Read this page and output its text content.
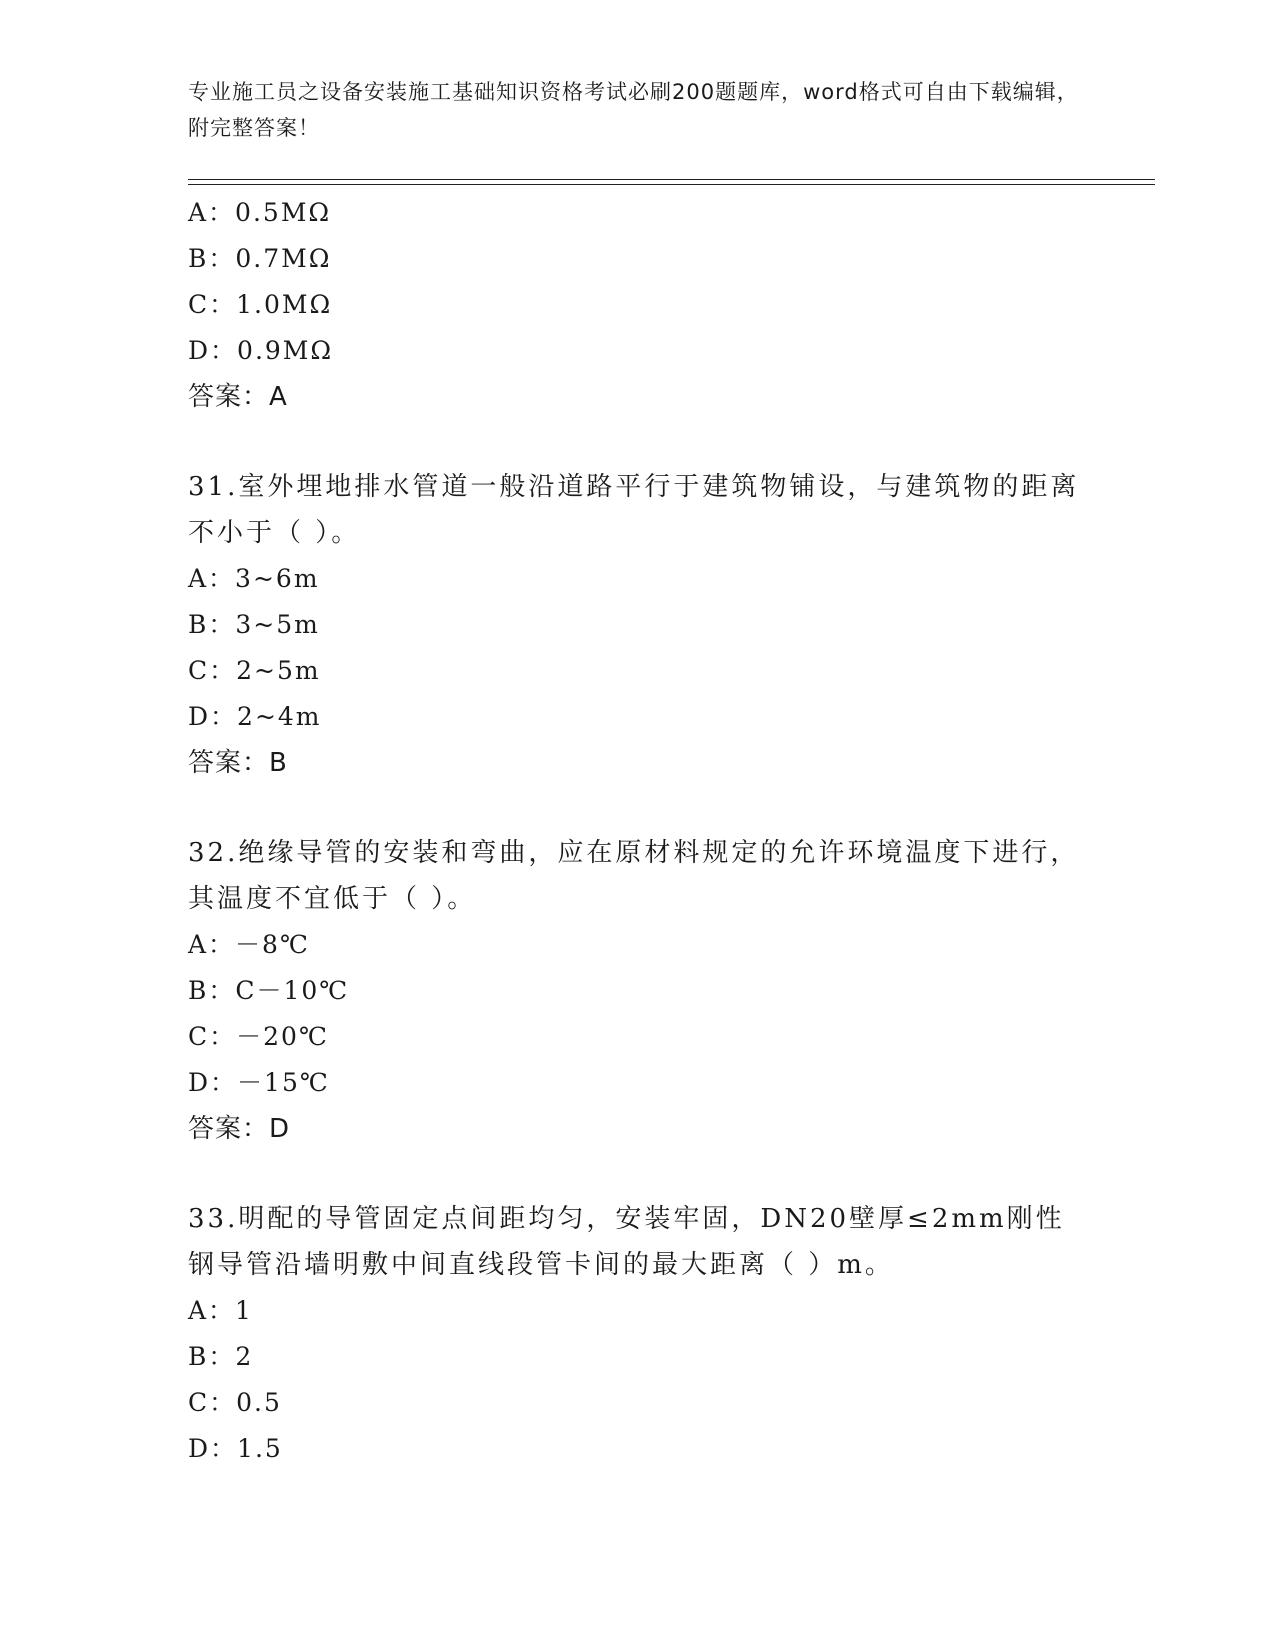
专业施工员之设备安装施工基础知识资格考试必刷200题题库，word格式可自由下载编辑，附完整答案！
A：0.5MΩ
B：0.7MΩ
C：1.0MΩ
D：0.9MΩ
答案：A
31.室外埋地排水管道一般沿道路平行于建筑物铺设，与建筑物的距离不小于（ ）。
A：3~6m
B：3~5m
C：2~5m
D：2~4m
答案：B
32.绝缘导管的安装和弯曲，应在原材料规定的允许环境温度下进行，其温度不宜低于（ ）。
A：－8℃
B：C－10℃
C：－20℃
D：－15℃
答案：D
33.明配的导管固定点间距均匀，安装牢固，DN20壁厚≤2mm刚性钢导管沿墙明敷中间直线段管卡间的最大距离（ ）m。
A：1
B：2
C：0.5
D：1.5
